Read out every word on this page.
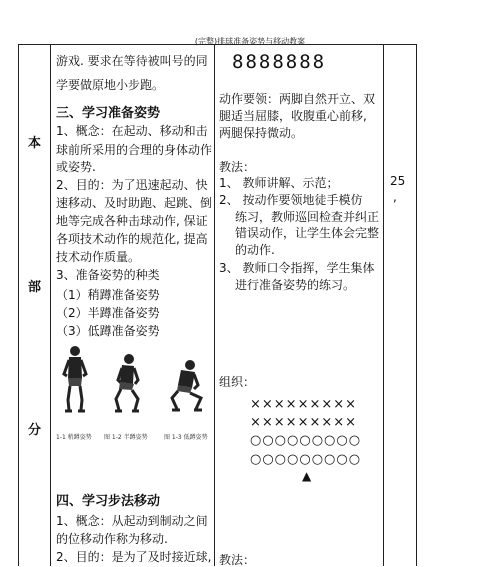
(完整)排球准备姿势与移动教案
本
部
分
游戏. 要求在等待被叫号的同
学要做原地小步跑。
三、学习准备姿势
1、概念：在起动、移动和击
球前所采用的合理的身体动作
或姿势.
2、目的：为了迅速起动、快
速移动、及时助跑、起跳、倒
地等完成各种击球动作, 保证
各项技术动作的规范化, 提高
技术动作质量。
3、准备姿势的种类
（1）稍蹲准备姿势
（2）半蹲准备姿势
（3）低蹲准备姿势
1-1 稍蹲姿势 图 1-2 半蹲姿势	图 1-3 低蹲姿势
四、学习步法移动
1、概念：从起动到制动之间
的位移动作称为移动.
2、目的：是为了及时接近球,
8888888
动作要领：两脚自然开立、双
腿适当屈膝，收腹重心前移,
两腿保持微动。
教法：
1、 教师讲解、示范；
2、 按动作要领地徒手模仿
练习，教师巡回检查并纠正
错误动作，让学生体会完整
的动作.
3、 教师口令指挥，学生集体
进行准备姿势的练习。
组织：
×××××××××
×××××××××
○○○○○○○○○
○○○○○○○○○
▲
教法：
25
,
